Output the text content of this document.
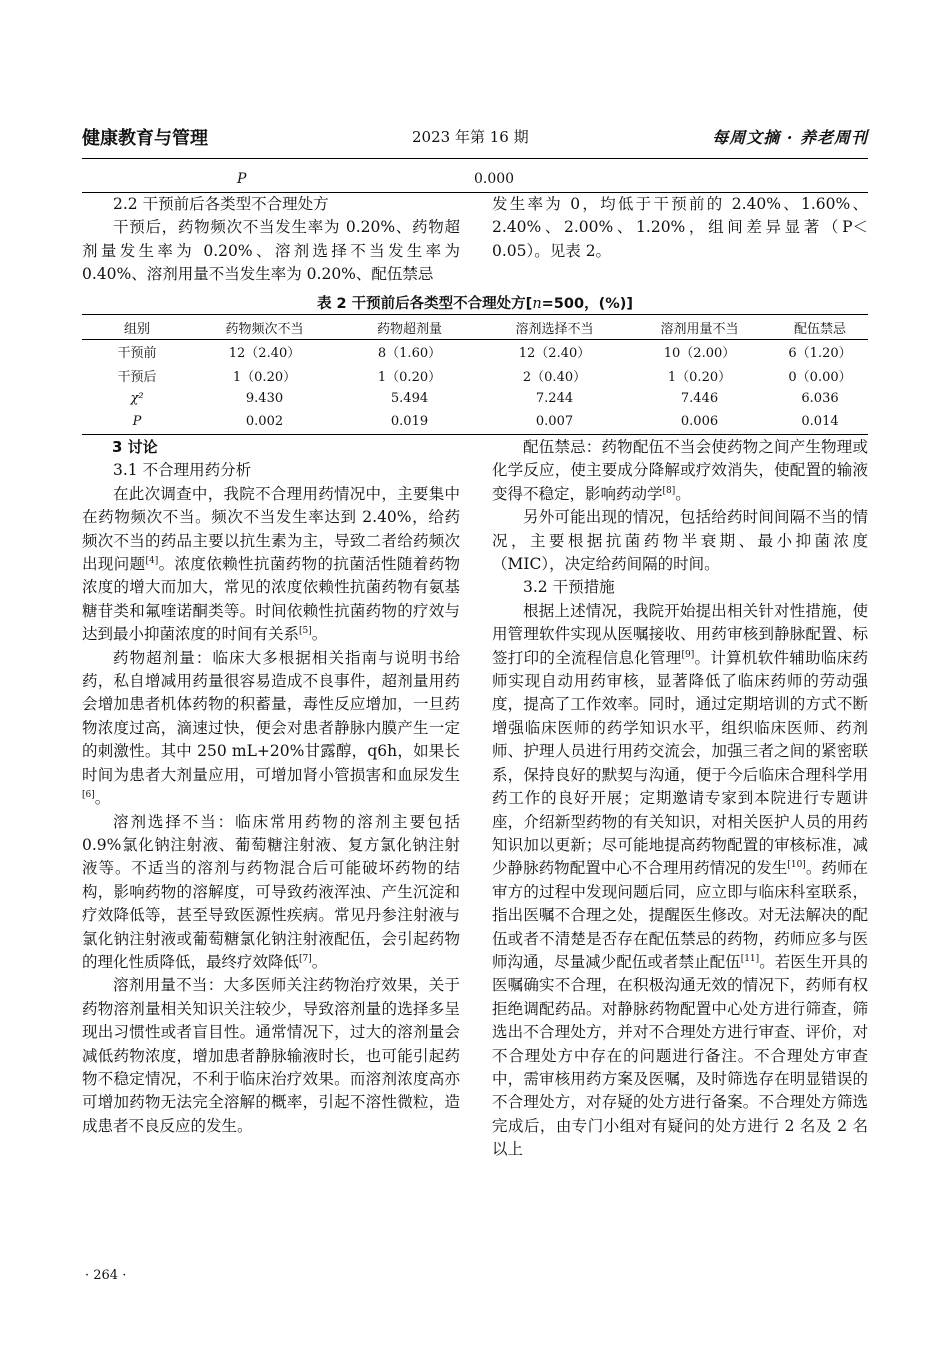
健康教育与管理	2023 年第 16 期	每周文摘 · 养老周刊
P	0.000

2.2 干预前后各类型不合理处方

干预后，药物频次不当发生率为 0.20%、药物超剂量发生率为 0.20%、溶剂选择不当发生率为 0.40%、溶剂用量不当发生率为 0.20%、配伍禁忌

发生率为 0，均低于干预前的 2.40%、1.60%、2.40%、2.00%、1.20%，组间差异显著（P＜0.05）。见表 2。

表 2 干预前后各类型不合理处方[n=500，(%)]
组别	药物频次不当	药物超剂量	溶剂选择不当	溶剂用量不当	配伍禁忌
干预前	12（2.40）	8（1.60）	12（2.40）	10（2.00）	6（1.20）
干预后	1（0.20）	1（0.20）	2（0.40）	1（0.20）	0（0.00）
χ²	9.430	5.494	7.244	7.446	6.036
P	0.002	0.019	0.007	0.006	0.014

3 讨论

3.1 不合理用药分析

在此次调查中，我院不合理用药情况中，主要集中在药物频次不当。频次不当发生率达到 2.40%，给药频次不当的药品主要以抗生素为主，导致二者给药频次出现问题[4]。浓度依赖性抗菌药物的抗菌活性随着药物浓度的增大而加大，常见的浓度依赖性抗菌药物有氨基糖苷类和氟喹诺酮类等。时间依赖性抗菌药物的疗效与达到最小抑菌浓度的时间有关系[5]。

药物超剂量：临床大多根据相关指南与说明书给药，私自增减用药量很容易造成不良事件，超剂量用药会增加患者机体药物的积蓄量，毒性反应增加，一旦药物浓度过高，滴速过快，便会对患者静脉内膜产生一定的刺激性。其中 250 mL+20%甘露醇，q6h，如果长时间为患者大剂量应用，可增加肾小管损害和血尿发生[6]。

溶剂选择不当：临床常用药物的溶剂主要包括 0.9%氯化钠注射液、葡萄糖注射液、复方氯化钠注射液等。不适当的溶剂与药物混合后可能破坏药物的结构，影响药物的溶解度，可导致药液浑浊、产生沉淀和疗效降低等，甚至导致医源性疾病。常见丹参注射液与氯化钠注射液或葡萄糖氯化钠注射液配伍，会引起药物的理化性质降低，最终疗效降低[7]。

溶剂用量不当：大多医师关注药物治疗效果，关于药物溶剂量相关知识关注较少，导致溶剂量的选择多呈现出习惯性或者盲目性。通常情况下，过大的溶剂量会减低药物浓度，增加患者静脉输液时长，也可能引起药物不稳定情况，不利于临床治疗效果。而溶剂浓度高亦可增加药物无法完全溶解的概率，引起不溶性微粒，造成患者不良反应的发生。

配伍禁忌：药物配伍不当会使药物之间产生物理或化学反应，使主要成分降解或疗效消失，使配置的输液变得不稳定，影响药动学[8]。

另外可能出现的情况，包括给药时间间隔不当的情况，主要根据抗菌药物半衰期、最小抑菌浓度（MIC），决定给药间隔的时间。

3.2 干预措施

根据上述情况，我院开始提出相关针对性措施，使用管理软件实现从医嘱接收、用药审核到静脉配置、标签打印的全流程信息化管理[9]。计算机软件辅助临床药师实现自动用药审核，显著降低了临床药师的劳动强度，提高了工作效率。同时，通过定期培训的方式不断增强临床医师的药学知识水平，组织临床医师、药剂师、护理人员进行用药交流会，加强三者之间的紧密联系，保持良好的默契与沟通，便于今后临床合理科学用药工作的良好开展；定期邀请专家到本院进行专题讲座，介绍新型药物的有关知识，对相关医护人员的用药知识加以更新；尽可能地提高药物配置的审核标准，减少静脉药物配置中心不合理用药情况的发生[10]。药师在审方的过程中发现问题后同，应立即与临床科室联系，指出医嘱不合理之处，提醒医生修改。对无法解决的配伍或者不清楚是否存在配伍禁忌的药物，药师应多与医师沟通，尽量减少配伍或者禁止配伍[11]。若医生开具的医嘱确实不合理，在积极沟通无效的情况下，药师有权拒绝调配药品。对静脉药物配置中心处方进行筛查，筛选出不合理处方，并对不合理处方进行审查、评价，对不合理处方中存在的问题进行备注。不合理处方审查中，需审核用药方案及医嘱，及时筛选存在明显错误的不合理处方，对存疑的处方进行备案。不合理处方筛选完成后，由专门小组对有疑问的处方进行 2 名及 2 名以上

· 264 ·
